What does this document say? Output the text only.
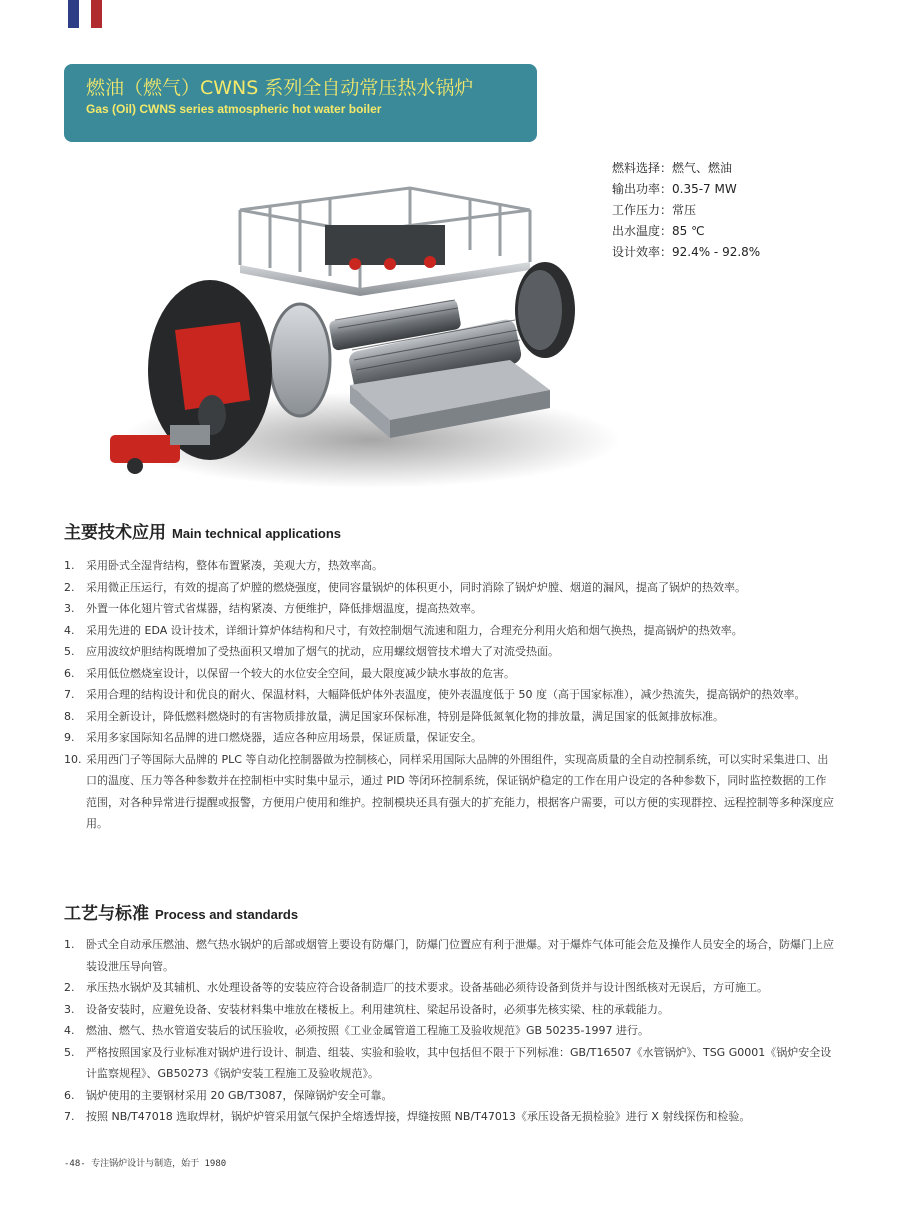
燃油（燃气）CWNS 系列全自动常压热水锅炉
Gas (Oil) CWNS series atmospheric hot water boiler
燃料选择：燃气、燃油
输出功率：0.35-7 MW
工作压力：常压
出水温度：85 ℃
设计效率：92.4% - 92.8%
主要技术应用 Main technical applications
1.	采用卧式全湿背结构，整体布置紧凑，美观大方，热效率高。
2.	采用微正压运行，有效的提高了炉膛的燃烧强度，使同容量锅炉的体积更小，同时消除了锅炉炉膛、烟道的漏风，提高了锅炉的热效率。
3.	外置一体化翅片管式省煤器，结构紧凑、方便维护，降低排烟温度，提高热效率。
4.	采用先进的 EDA 设计技术，详细计算炉体结构和尺寸，有效控制烟气流速和阻力，合理充分利用火焰和烟气换热，提高锅炉的热效率。
5.	应用波纹炉胆结构既增加了受热面积又增加了烟气的扰动，应用螺纹烟管技术增大了对流受热面。
6.	采用低位燃烧室设计，以保留一个较大的水位安全空间，最大限度减少缺水事故的危害。
7.	采用合理的结构设计和优良的耐火、保温材料，大幅降低炉体外表温度，使外表温度低于 50 度（高于国家标准），减少热流失，提高锅炉的热效率。
8.	采用全新设计，降低燃料燃烧时的有害物质排放量，满足国家环保标准，特别是降低氮氧化物的排放量，满足国家的低氮排放标准。
9.	采用多家国际知名品牌的进口燃烧器，适应各种应用场景，保证质量，保证安全。
10. 采用西门子等国际大品牌的 PLC 等自动化控制器做为控制核心，同样采用国际大品牌的外围组件，实现高质量的全自动控制系统，可以实时采集进口、出口的温度、压力等各种参数并在控制柜中实时集中显示，通过 PID 等闭环控制系统，保证锅炉稳定的工作在用户设定的各种参数下，同时监控数据的工作范围，对各种异常进行提醒或报警，方便用户使用和维护。控制模块还具有强大的扩充能力，根据客户需要，可以方便的实现群控、远程控制等多种深度应用。
工艺与标准 Process and standards
1.	卧式全自动承压燃油、燃气热水锅炉的后部或烟管上要设有防爆门，防爆门位置应有利于泄爆。对于爆炸气体可能会危及操作人员安全的场合，防爆门上应装设泄压导向管。
2.	承压热水锅炉及其辅机、水处理设备等的安装应符合设备制造厂的技术要求。设备基础必须待设备到货并与设计图纸核对无误后，方可施工。
3.	设备安装时，应避免设备、安装材料集中堆放在楼板上。利用建筑柱、梁起吊设备时，必须事先核实梁、柱的承载能力。
4.	燃油、燃气、热水管道安装后的试压验收，必须按照《工业金属管道工程施工及验收规范》GB 50235-1997 进行。
5.	严格按照国家及行业标准对锅炉进行设计、制造、组装、实验和验收，其中包括但不限于下列标准：GB/T16507《水管锅炉》、TSG G0001《锅炉安全设计监察规程》、GB50273《锅炉安装工程施工及验收规范》。
6.	锅炉使用的主要钢材采用 20 GB/T3087，保障锅炉安全可靠。
7.	按照 NB/T47018 选取焊材，锅炉炉管采用氩气保护全熔透焊接，焊缝按照 NB/T47013《承压设备无损检验》进行 X 射线探伤和检验。
-48- 专注锅炉设计与制造，始于 1980
